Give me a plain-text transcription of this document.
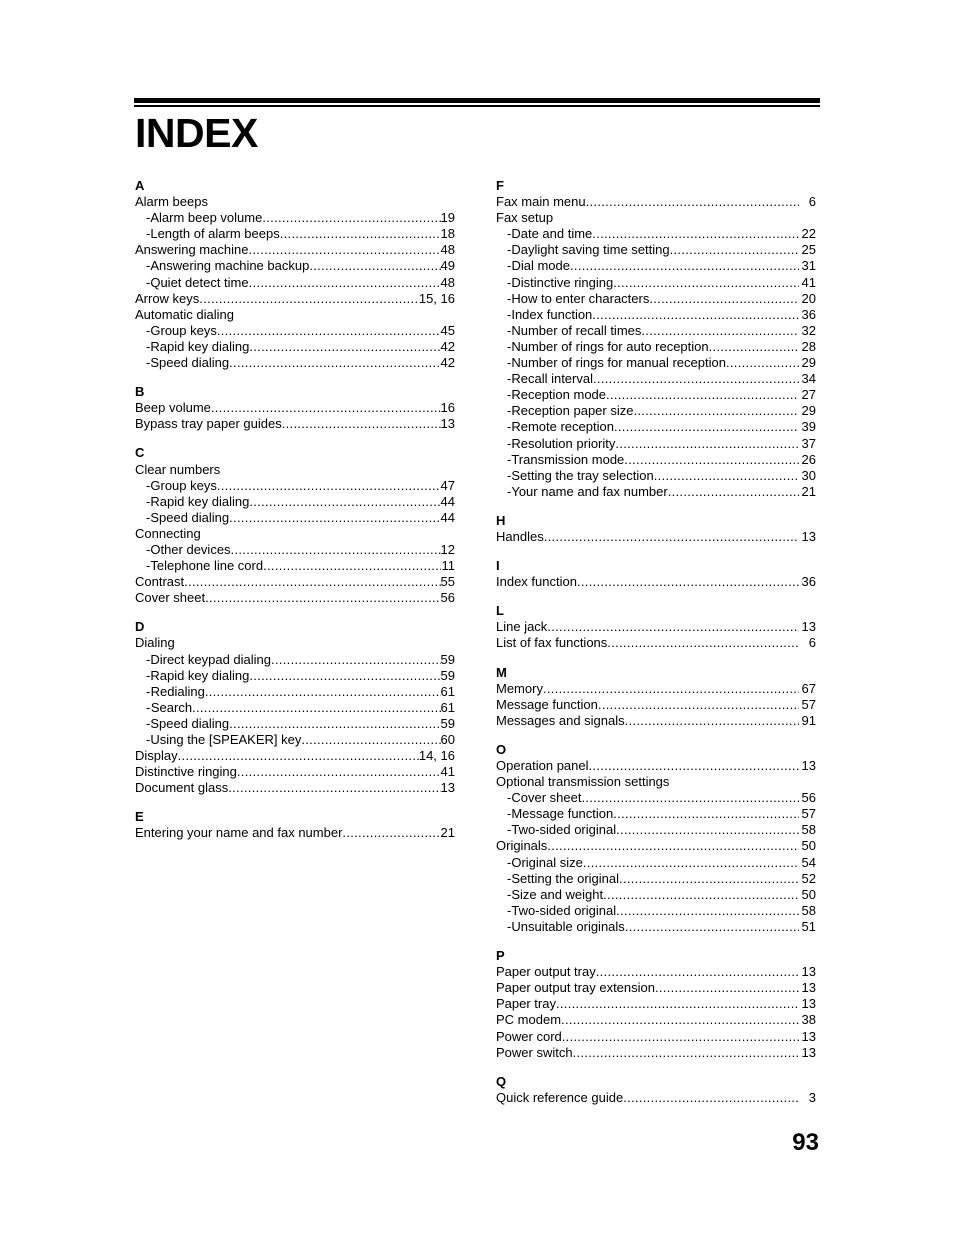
INDEX
A
Alarm beeps
- Alarm beep volume .....	19
- Length of alarm beeps .....	18
Answering machine .....	48
- Answering machine backup .....	49
- Quiet detect time .....	48
Arrow keys .....	15, 16
Automatic dialing
- Group keys .....	45
- Rapid key dialing .....	42
- Speed dialing .....	42
B
Beep volume .....	16
Bypass tray paper guides .....	13
C
Clear numbers
- Group keys .....	47
- Rapid key dialing .....	44
- Speed dialing .....	44
Connecting
- Other devices .....	12
- Telephone line cord .....	11
Contrast .....	55
Cover sheet .....	56
D
Dialing
- Direct keypad dialing .....	59
- Rapid key dialing .....	59
- Redialing .....	61
- Search .....	61
- Speed dialing .....	59
- Using the [SPEAKER] key .....	60
Display .....	14, 16
Distinctive ringing .....	41
Document glass .....	13
E
Entering your name and fax number .....	21
F
Fax main menu .....	6
Fax setup
- Date and time .....	22
- Daylight saving time setting .....	25
- Dial mode .....	31
- Distinctive ringing .....	41
- How to enter characters .....	20
- Index function .....	36
- Number of recall times .....	32
- Number of rings for auto reception .....	28
- Number of rings for manual reception .....	29
- Recall interval .....	34
- Reception mode .....	27
- Reception paper size .....	29
- Remote reception .....	39
- Resolution priority .....	37
- Transmission mode .....	26
- Setting the tray selection .....	30
- Your name and fax number .....	21
H
Handles .....	13
I
Index function .....	36
L
Line jack .....	13
List of fax functions .....	6
M
Memory .....	67
Message function .....	57
Messages and signals .....	91
O
Operation panel .....	13
Optional transmission settings
- Cover sheet .....	56
- Message function .....	57
- Two-sided original .....	58
Originals .....	50
- Original size .....	54
- Setting the original .....	52
- Size and weight .....	50
- Two-sided original .....	58
- Unsuitable originals .....	51
P
Paper output tray .....	13
Paper output tray extension .....	13
Paper tray .....	13
PC modem .....	38
Power cord .....	13
Power switch .....	13
Q
Quick reference guide .....	3
93
